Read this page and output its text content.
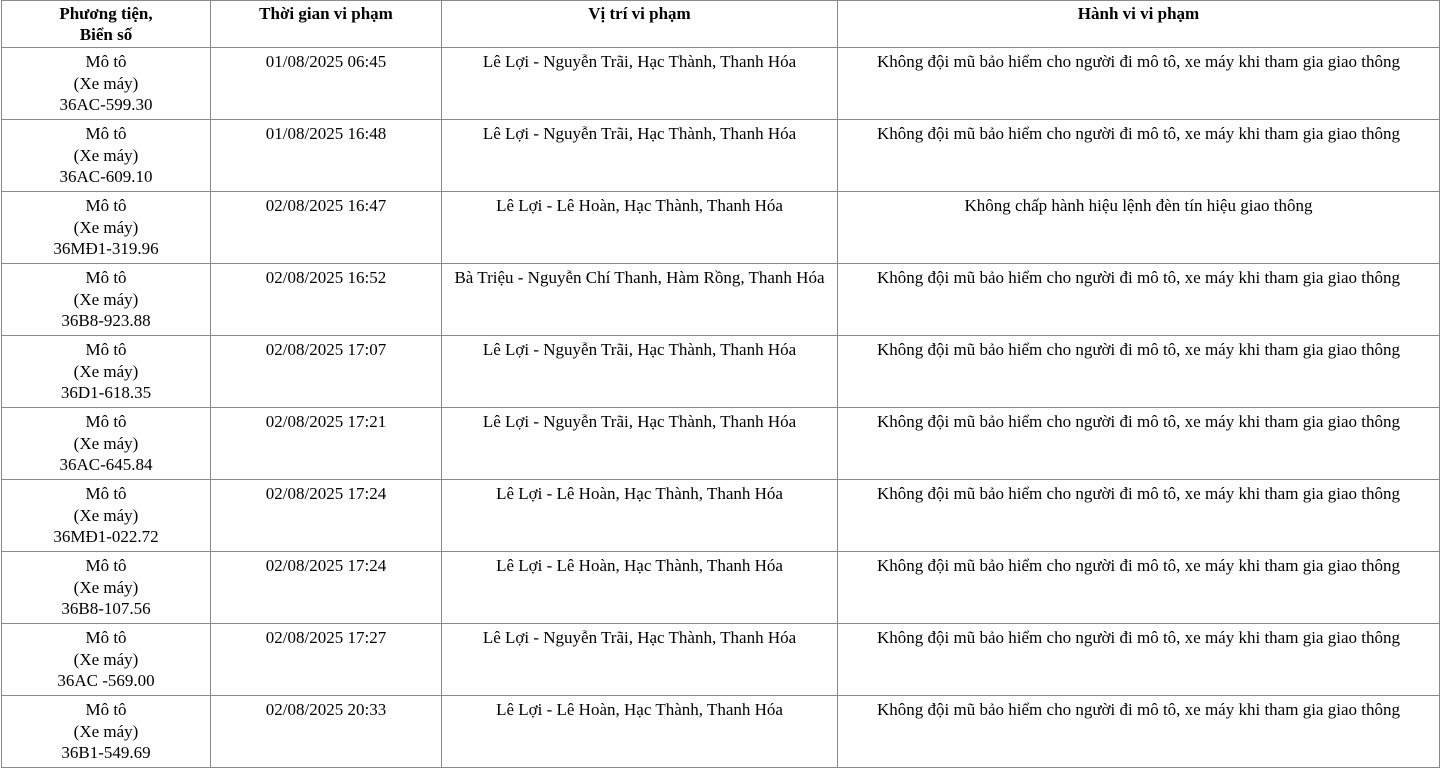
Phương tiện,
Biển số	Thời gian vi phạm	Vị trí vi phạm	Hành vi vi phạm

Mô tô
(Xe máy)
36AC-599.30	01/08/2025 06:45	Lê Lợi - Nguyễn Trãi, Hạc Thành, Thanh Hóa	Không đội mũ bảo hiểm cho người đi mô tô, xe máy khi tham gia giao thông

Mô tô
(Xe máy)
36AC-609.10	01/08/2025 16:48	Lê Lợi - Nguyễn Trãi, Hạc Thành, Thanh Hóa	Không đội mũ bảo hiểm cho người đi mô tô, xe máy khi tham gia giao thông

Mô tô
(Xe máy)
36MĐ1-319.96	02/08/2025 16:47	Lê Lợi - Lê Hoàn, Hạc Thành, Thanh Hóa	Không chấp hành hiệu lệnh đèn tín hiệu giao thông

Mô tô
(Xe máy)
36B8-923.88	02/08/2025 16:52	Bà Triệu - Nguyễn Chí Thanh, Hàm Rồng, Thanh Hóa	Không đội mũ bảo hiểm cho người đi mô tô, xe máy khi tham gia giao thông

Mô tô
(Xe máy)
36D1-618.35	02/08/2025 17:07	Lê Lợi - Nguyễn Trãi, Hạc Thành, Thanh Hóa	Không đội mũ bảo hiểm cho người đi mô tô, xe máy khi tham gia giao thông

Mô tô
(Xe máy)
36AC-645.84	02/08/2025 17:21	Lê Lợi - Nguyễn Trãi, Hạc Thành, Thanh Hóa	Không đội mũ bảo hiểm cho người đi mô tô, xe máy khi tham gia giao thông

Mô tô
(Xe máy)
36MĐ1-022.72	02/08/2025 17:24	Lê Lợi - Lê Hoàn, Hạc Thành, Thanh Hóa	Không đội mũ bảo hiểm cho người đi mô tô, xe máy khi tham gia giao thông

Mô tô
(Xe máy)
36B8-107.56	02/08/2025 17:24	Lê Lợi - Lê Hoàn, Hạc Thành, Thanh Hóa	Không đội mũ bảo hiểm cho người đi mô tô, xe máy khi tham gia giao thông

Mô tô
(Xe máy)
36AC -569.00	02/08/2025 17:27	Lê Lợi - Nguyễn Trãi, Hạc Thành, Thanh Hóa	Không đội mũ bảo hiểm cho người đi mô tô, xe máy khi tham gia giao thông

Mô tô
(Xe máy)
36B1-549.69	02/08/2025 20:33	Lê Lợi - Lê Hoàn, Hạc Thành, Thanh Hóa	Không đội mũ bảo hiểm cho người đi mô tô, xe máy khi tham gia giao thông
